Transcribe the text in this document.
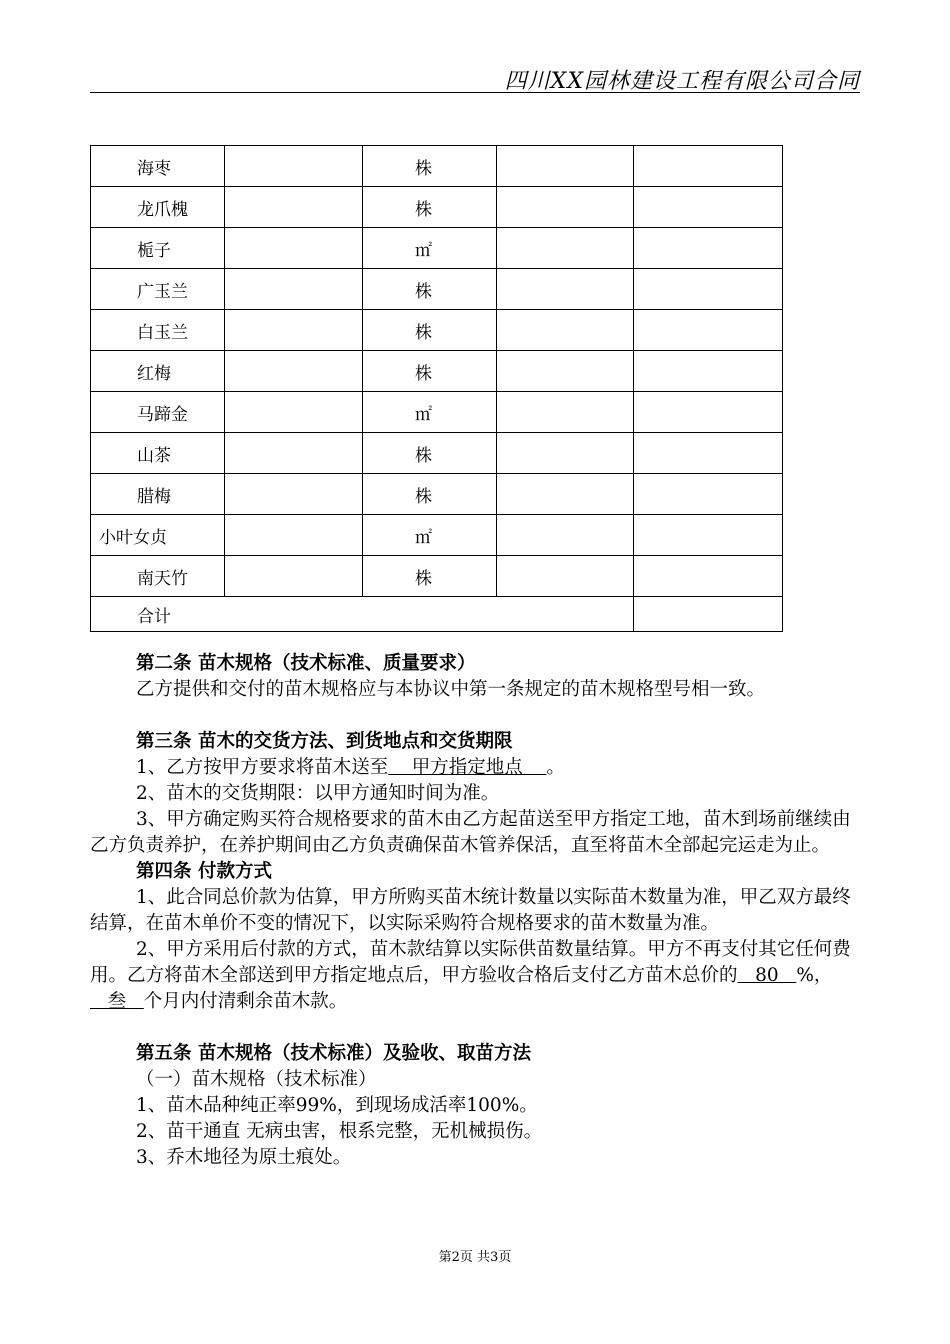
四川XX园林建设工程有限公司合同
海枣		株		
龙爪槐		株		
栀子		㎡		
广玉兰		株		
白玉兰		株		
红梅		株		
马蹄金		㎡		
山茶		株		
腊梅		株		
小叶女贞		㎡		
南天竹		株		
合计				

第二条 苗木规格（技术标准、质量要求）

乙方提供和交付的苗木规格应与本协议中第一条规定的苗木规格型号相一致。

第三条 苗木的交货方法、到货地点和交货期限

1、乙方按甲方要求将苗木送至    甲方指定地点    。

2、苗木的交货期限：以甲方通知时间为准。

3、甲方确定购买符合规格要求的苗木由乙方起苗送至甲方指定工地，苗木到场前继续由乙方负责养护，在养护期间由乙方负责确保苗木管养保活，直至将苗木全部起完运走为止。

第四条 付款方式

1、此合同总价款为估算，甲方所购买苗木统计数量以实际苗木数量为准，甲乙双方最终结算，在苗木单价不变的情况下，以实际采购符合规格要求的苗木数量为准。

2、甲方采用后付款的方式，苗木款结算以实际供苗数量结算。甲方不再支付其它任何费用。乙方将苗木全部送到甲方指定地点后，甲方验收合格后支付乙方苗木总价的   80   %，   叁   个月内付清剩余苗木款。

第五条 苗木规格（技术标准）及验收、取苗方法

（一）苗木规格（技术标准）

1、苗木品种纯正率99%，到现场成活率100%。

2、苗干通直 无病虫害，根系完整，无机械损伤。

3、乔木地径为原土痕处。

第2页 共3页
